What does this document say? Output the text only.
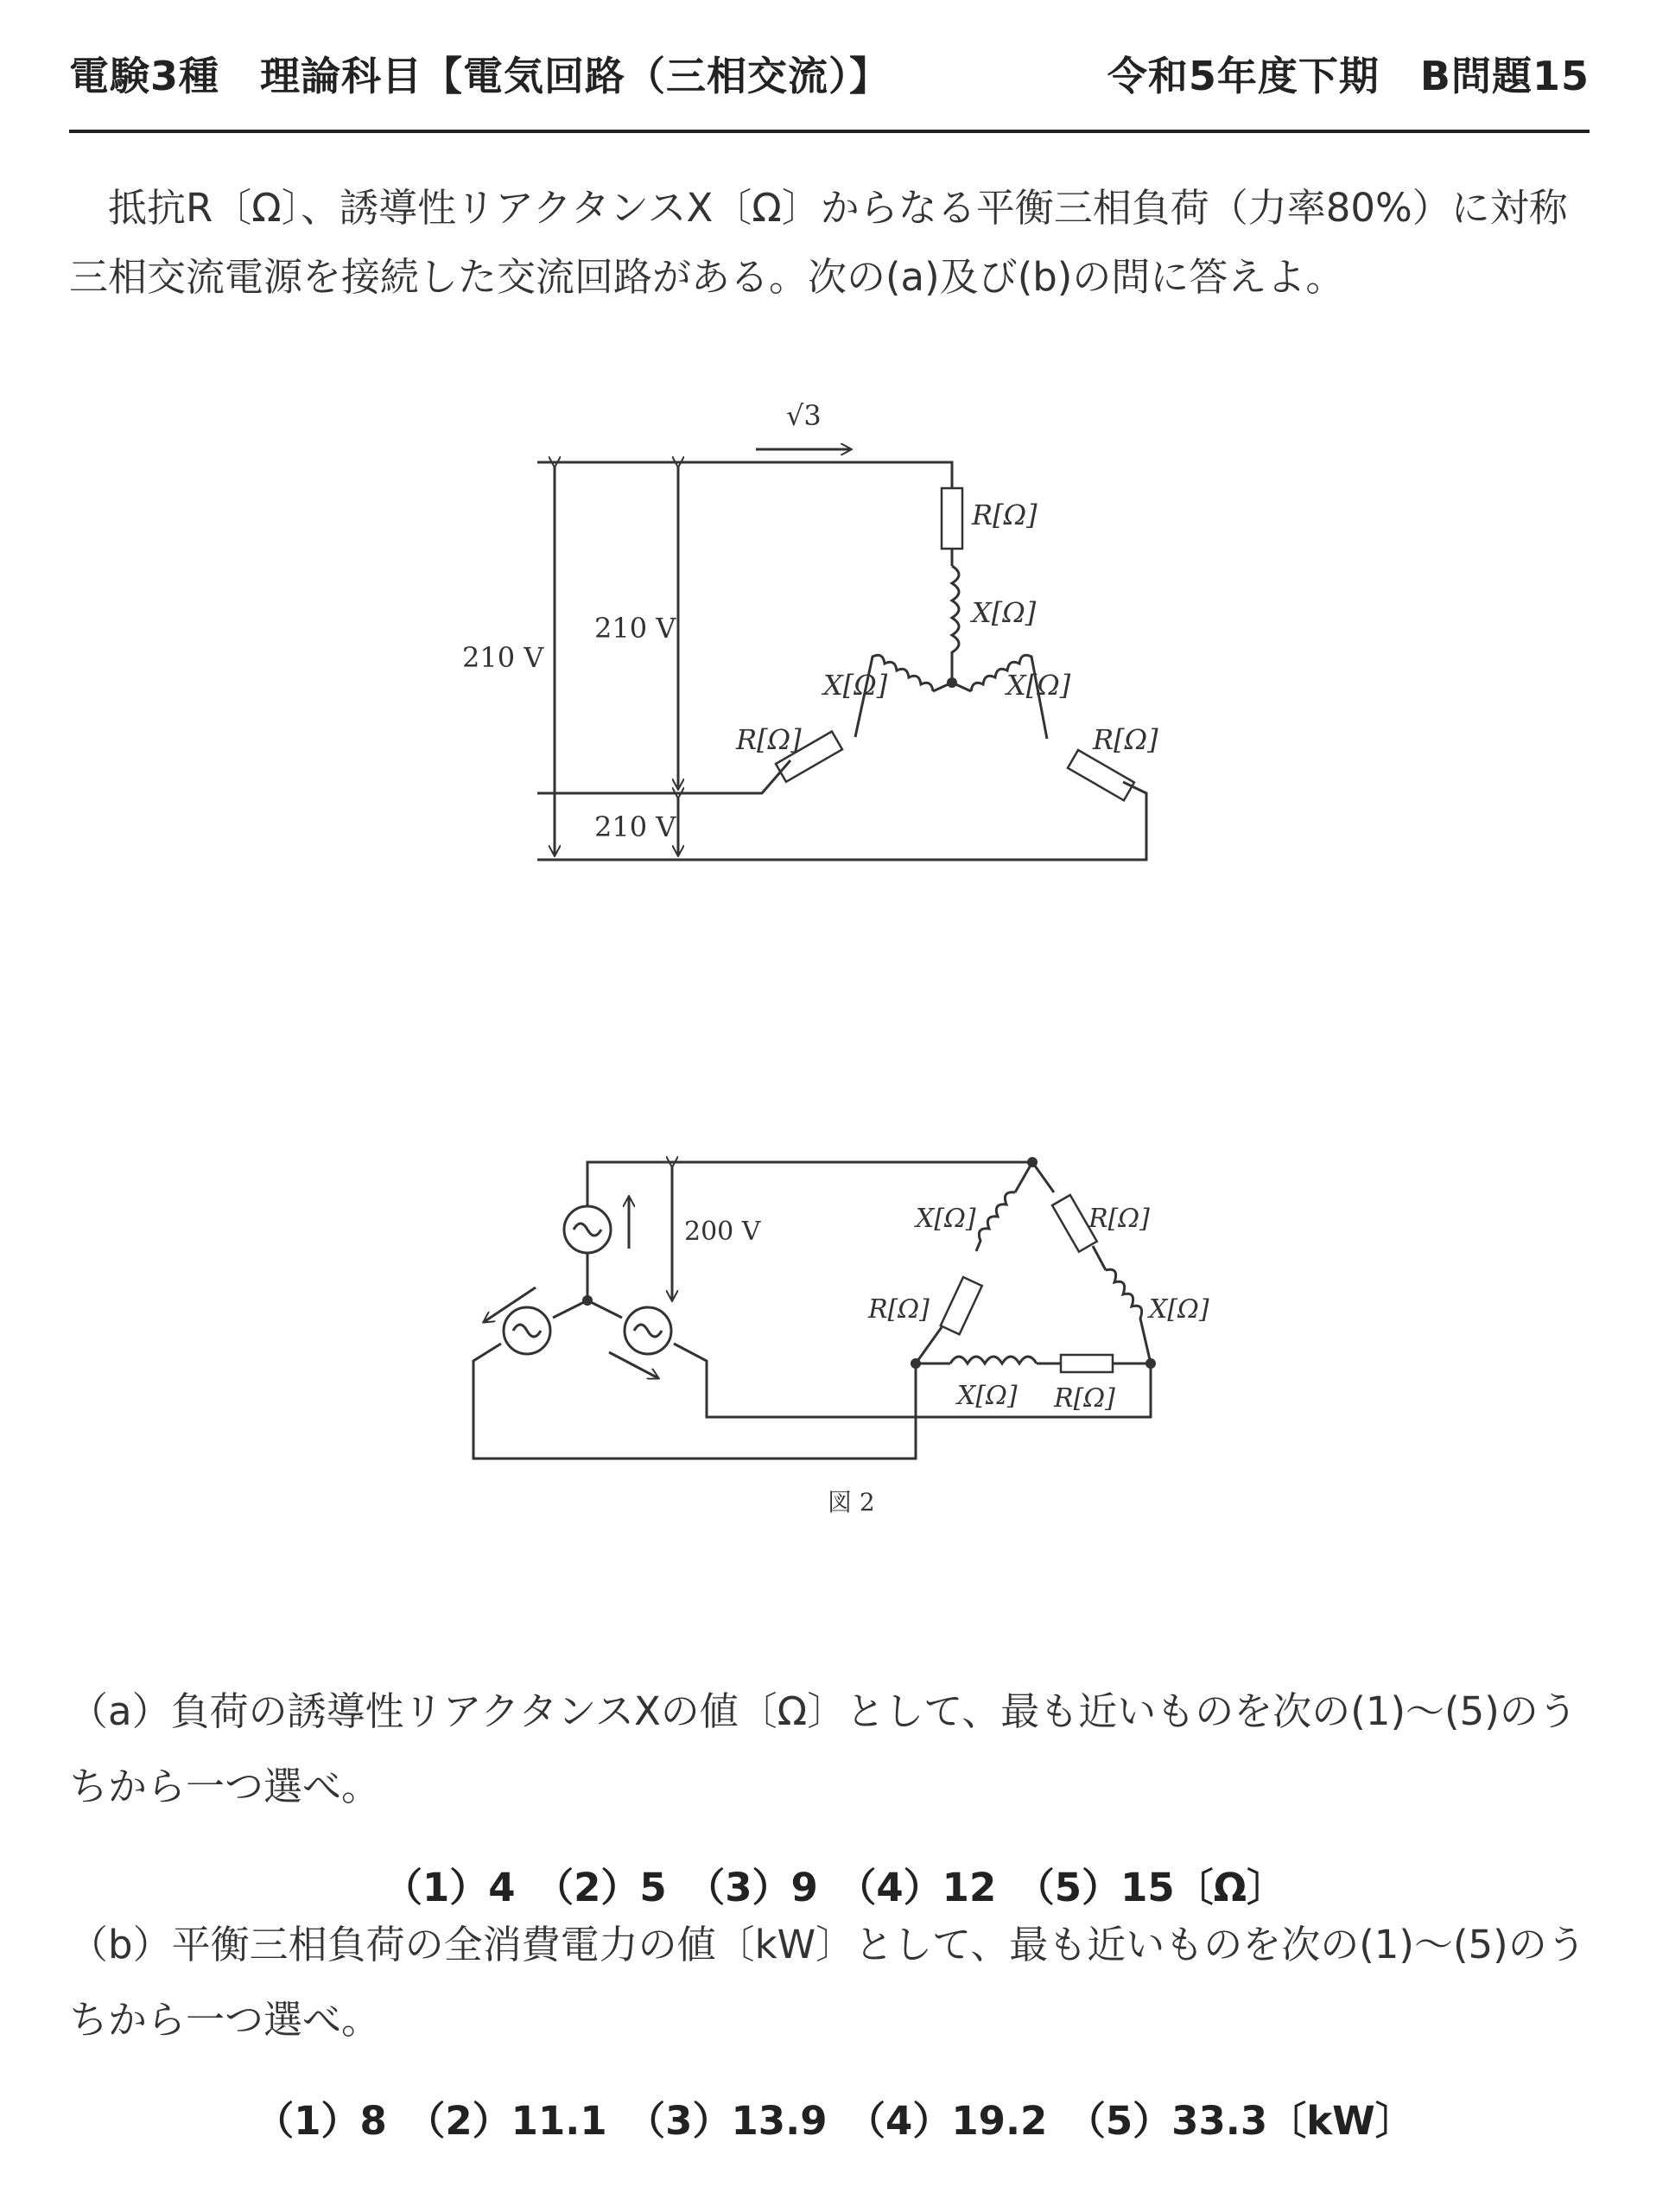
電験3種　理論科目【電気回路（三相交流）】	令和5年度下期　B問題15
　抵抗R〔Ω〕、誘導性リアクタンスX〔Ω〕からなる平衡三相負荷（力率80%）に対称
三相交流電源を接続した交流回路がある。次の(a)及び(b)の問に答えよ。
√3
210 V
210 V
210 V
R[Ω]
X[Ω]
X[Ω]	X[Ω]
R[Ω]	R[Ω]
200 V	X[Ω]	R[Ω]
R[Ω]	X[Ω]
X[Ω] R[Ω]
図 2
（a）負荷の誘導性リアクタンスXの値〔Ω〕として、最も近いものを次の(1)〜(5)のう
ちから一つ選べ。
（1）4　（2）5　（3）9　（4）12　（5）15〔Ω〕
（b）平衡三相負荷の全消費電力の値〔kW〕として、最も近いものを次の(1)〜(5)のう
ちから一つ選べ。
（1）8　（2）11.1　（3）13.9　（4）19.2　（5）33.3〔kW〕
